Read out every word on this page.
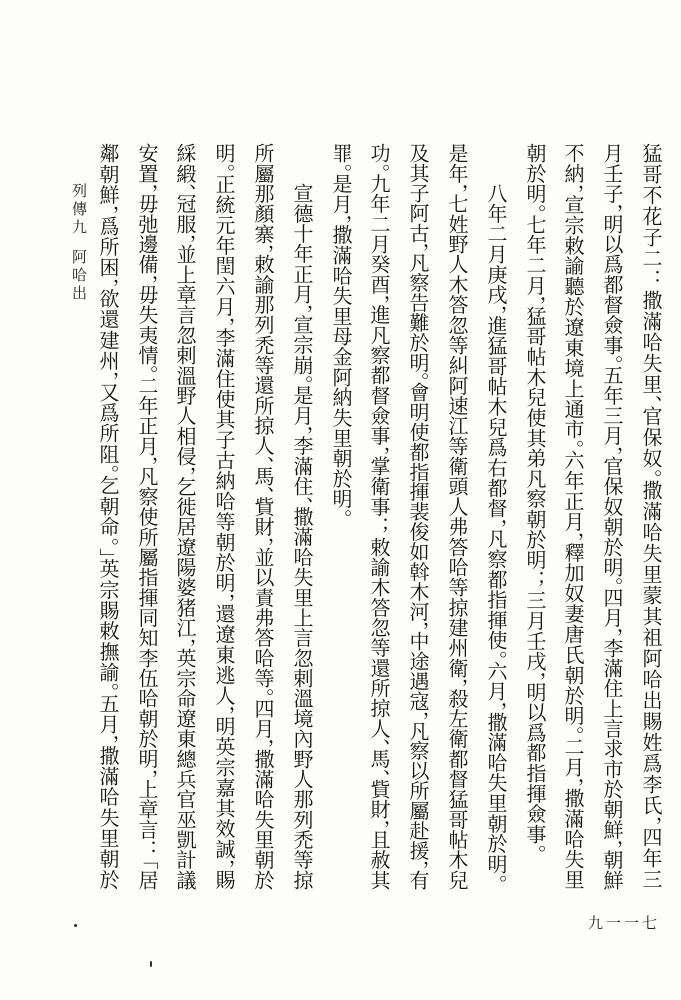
列傳九阿哈出	猛哥不花子二：撒滿哈失里、官保奴。撒滿哈失里蒙其祖阿哈出賜姓爲李氏，四年三
月壬子，明以爲都督僉事。五年三月，官保奴朝於明。四月，李滿住上言求市於朝鮮，朝鮮
不納，宣宗敕諭聽於遼東境上通市。六年正月，釋加奴妻唐氏朝於明。二月，撒滿哈失里
朝於明。七年二月，猛哥帖木兒使其弟凡察朝於明；三月壬戌，明以爲都指揮僉事。
八年二月庚戌，進猛哥帖木兒爲右都督，凡察都指揮使。六月，撒滿哈失里朝於明。
是年，七姓野人木答忽等糾阿速江等衛頭人弗答哈等掠建州衛，殺左衛都督猛哥帖木兒
及其子阿古，凡察告難於明。會明使都指揮裴俊如斡木河，中途遇寇，凡察以所屬赴援，有
功。九年二月癸酉，進凡察都督僉事，掌衛事；敕諭木答忽等還所掠人、馬、貲財，且赦其
罪。是月，撒滿哈失里母金阿納失里朝於明。
宣德十年正月，宣宗崩。是月，李滿住、撒滿哈失里上言忽剌溫境內野人那列禿等掠
所屬那顏寨，敕諭那列禿等還所掠人、馬、貲財，並以責弗答哈等。四月，撒滿哈失里朝於
明。正統元年閏六月，李滿住使其子古納哈等朝於明，還遼東逃人，明英宗嘉其效誠，賜
綵緞、冠服，並上章言忽剌溫野人相侵，乞徙居遼陽婆猪江，英宗命遼東總兵官巫凱計議
安置，毋弛邊備，毋失夷情。二年正月，凡察使所屬指揮同知李伍哈朝於明，上章言：「居
鄰朝鮮，爲所困，欲還建州，又爲所阻。乞朝命。」英宗賜敕撫諭。五月，撒滿哈失里朝於
九一一七
